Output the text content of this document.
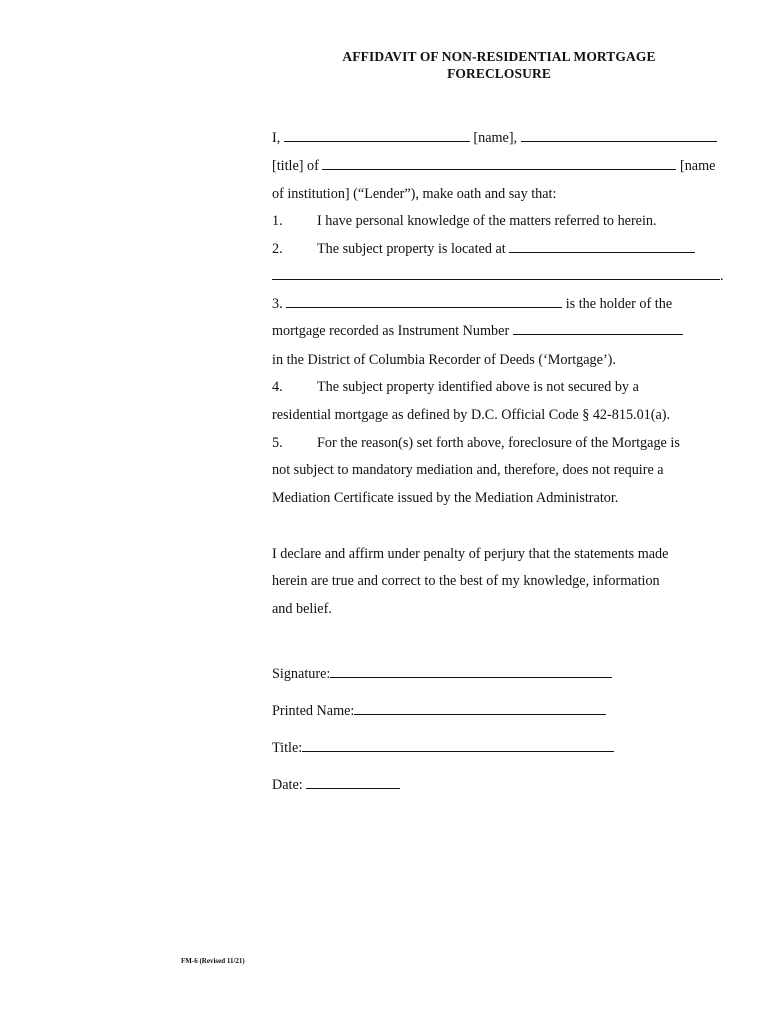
AFFIDAVIT OF NON-RESIDENTIAL MORTGAGE
FORECLOSURE
I,	[name],
[title] of	[name
of institution] (“Lender”), make oath and say that:
1. I have personal knowledge of the matters referred to herein.
2. The subject property is located at
.
3.	is the holder of the
mortgage recorded as Instrument Number
in the District of Columbia Recorder of Deeds (‘Mortgage’).
4. The subject property identified above is not secured by a
residential mortgage as defined by D.C. Official Code § 42-815.01(a).
5. For the reason(s) set forth above, foreclosure of the Mortgage is
not subject to mandatory mediation and, therefore, does not require a
Mediation Certificate issued by the Mediation Administrator.
I declare and affirm under penalty of perjury that the statements made
herein are true and correct to the best of my knowledge, information
and belief.
Signature:
Printed Name:
Title:
Date:
FM-6 (Revised 11/21)
